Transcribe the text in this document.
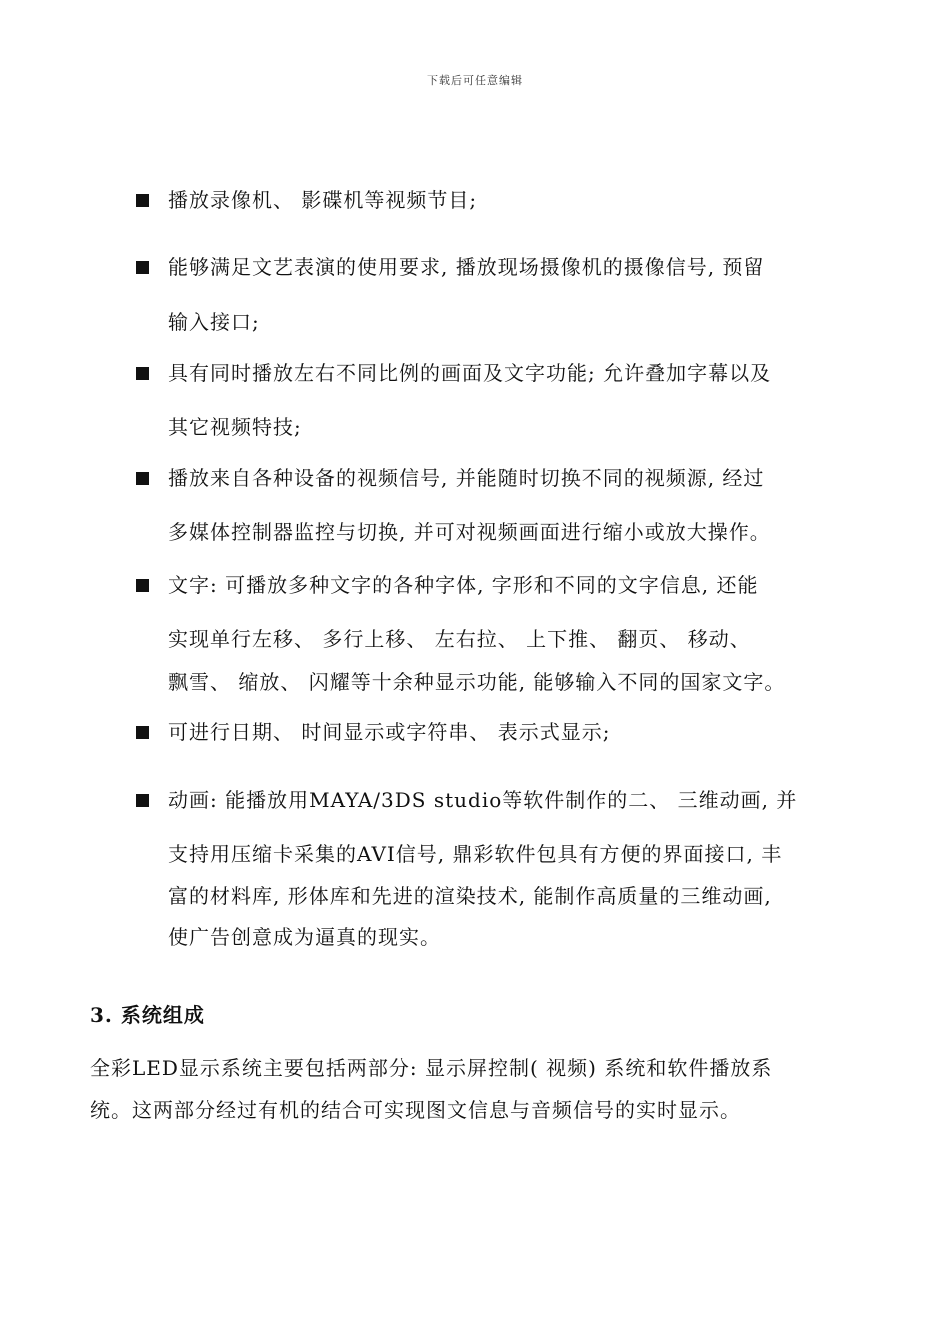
下载后可任意编辑
播放录像机、 影碟机等视频节目;
能够满足文艺表演的使用要求, 播放现场摄像机的摄像信号, 预留
输入接口;
具有同时播放左右不同比例的画面及文字功能; 允许叠加字幕以及
其它视频特技;
播放来自各种设备的视频信号, 并能随时切换不同的视频源, 经过
多媒体控制器监控与切换, 并可对视频画面进行缩小或放大操作。
文字: 可播放多种文字的各种字体, 字形和不同的文字信息, 还能
实现单行左移、 多行上移、 左右拉、 上下推、 翻页、 移动、
飘雪、 缩放、 闪耀等十余种显示功能, 能够输入不同的国家文字。
可进行日期、 时间显示或字符串、 表示式显示;
动画: 能播放用MAYA/3DS studio等软件制作的二、 三维动画, 并
支持用压缩卡采集的AVI信号, 鼎彩软件包具有方便的界面接口, 丰
富的材料库, 形体库和先进的渲染技术, 能制作高质量的三维动画,
使广告创意成为逼真的现实。
3. 系统组成
全彩LED显示系统主要包括两部分: 显示屏控制( 视频) 系统和软件播放系
统。这两部分经过有机的结合可实现图文信息与音频信号的实时显示。
